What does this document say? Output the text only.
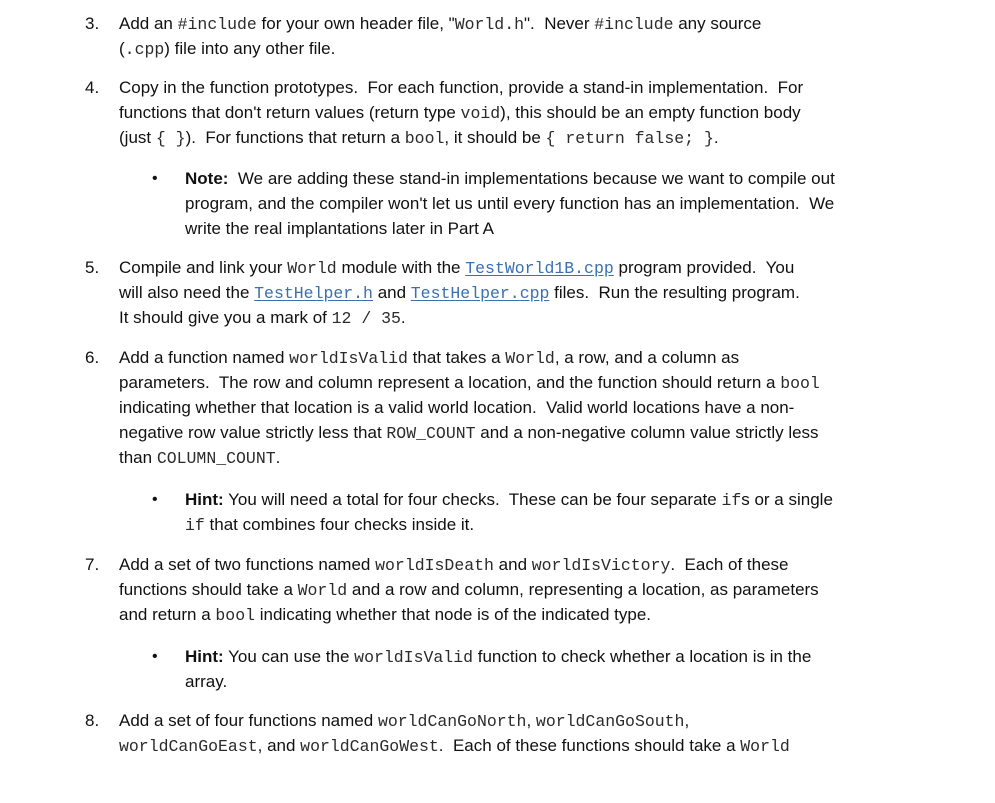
3.	Add an #include for your own header file, "World.h".  Never #include any source
(.cpp) file into any other file.
4.	Copy in the function prototypes.  For each function, provide a stand-in implementation.  For
functions that don't return values (return type void), this should be an empty function body
(just { }).  For functions that return a bool, it should be { return false; }.
•	Note:  We are adding these stand-in implementations because we want to compile out
program, and the compiler won't let us until every function has an implementation.  We
write the real implantations later in Part A
5.	Compile and link your World module with the TestWorld1B.cpp program provided.  You
will also need the TestHelper.h and TestHelper.cpp files.  Run the resulting program.
It should give you a mark of 12 / 35.
6.	Add a function named worldIsValid that takes a World, a row, and a column as
parameters.  The row and column represent a location, and the function should return a bool
indicating whether that location is a valid world location.  Valid world locations have a non-
negative row value strictly less that ROW_COUNT and a non-negative column value strictly less
than COLUMN_COUNT.
•	Hint: You will need a total for four checks.  These can be four separate ifs or a single
if that combines four checks inside it.
7.	Add a set of two functions named worldIsDeath and worldIsVictory.  Each of these
functions should take a World and a row and column, representing a location, as parameters
and return a bool indicating whether that node is of the indicated type.
•	Hint: You can use the worldIsValid function to check whether a location is in the
array.
8.	Add a set of four functions named worldCanGoNorth, worldCanGoSouth,
worldCanGoEast, and worldCanGoWest.  Each of these functions should take a World
